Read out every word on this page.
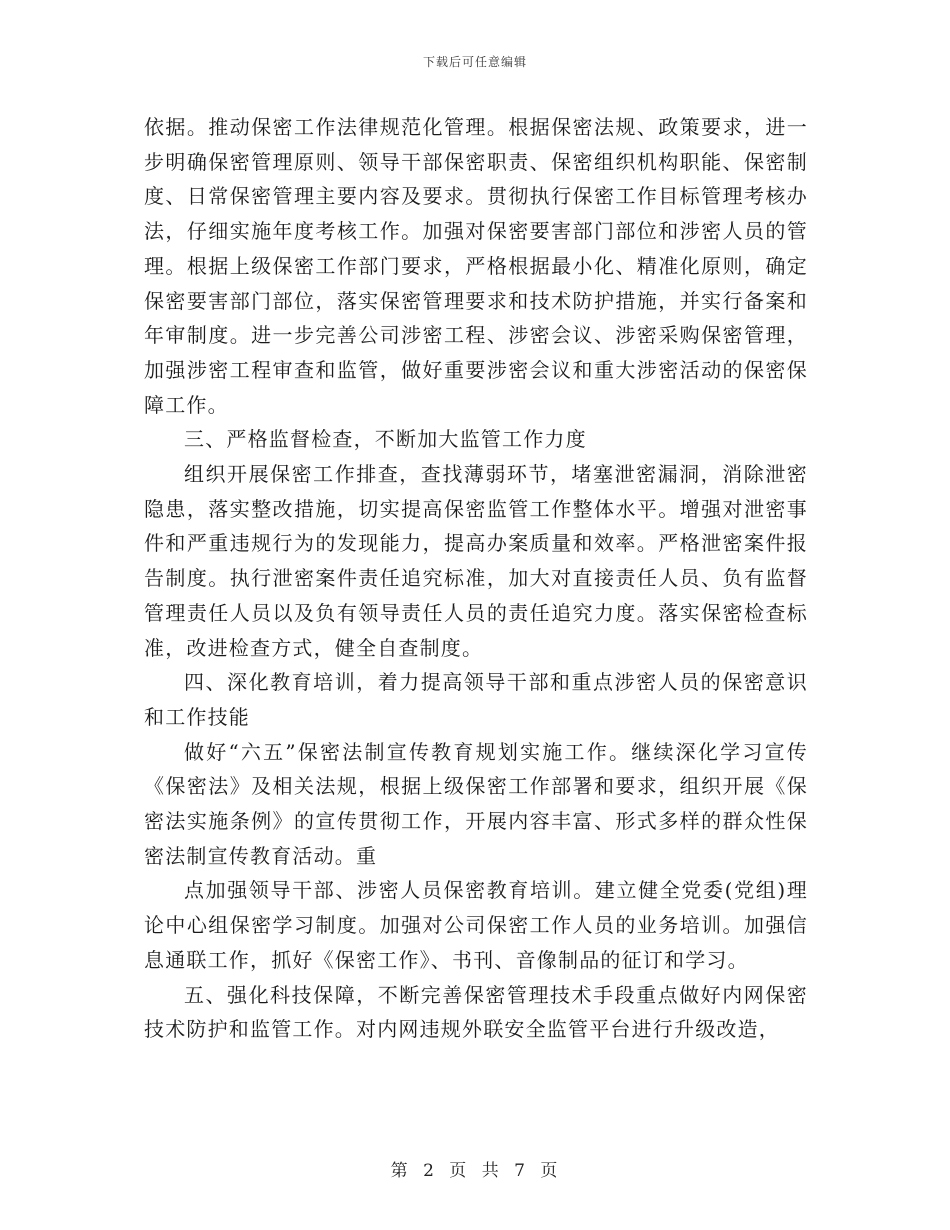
下载后可任意编辑

依据。推动保密工作法律规范化管理。根据保密法规、政策要求，进一步明确保密管理原则、领导干部保密职责、保密组织机构职能、保密制度、日常保密管理主要内容及要求。贯彻执行保密工作目标管理考核办法，仔细实施年度考核工作。加强对保密要害部门部位和涉密人员的管理。根据上级保密工作部门要求，严格根据最小化、精准化原则，确定保密要害部门部位，落实保密管理要求和技术防护措施，并实行备案和年审制度。进一步完善公司涉密工程、涉密会议、涉密采购保密管理，加强涉密工程审查和监管，做好重要涉密会议和重大涉密活动的保密保障工作。

三、严格监督检查，不断加大监管工作力度

组织开展保密工作排查，查找薄弱环节，堵塞泄密漏洞，消除泄密隐患，落实整改措施，切实提高保密监管工作整体水平。增强对泄密事件和严重违规行为的发现能力，提高办案质量和效率。严格泄密案件报告制度。执行泄密案件责任追究标准，加大对直接责任人员、负有监督管理责任人员以及负有领导责任人员的责任追究力度。落实保密检查标准，改进检查方式，健全自查制度。

四、深化教育培训，着力提高领导干部和重点涉密人员的保密意识和工作技能

做好“六五”保密法制宣传教育规划实施工作。继续深化学习宣传《保密法》及相关法规，根据上级保密工作部署和要求，组织开展《保密法实施条例》的宣传贯彻工作，开展内容丰富、形式多样的群众性保密法制宣传教育活动。重

点加强领导干部、涉密人员保密教育培训。建立健全党委(党组)理论中心组保密学习制度。加强对公司保密工作人员的业务培训。加强信息通联工作，抓好《保密工作》、书刊、音像制品的征订和学习。

五、强化科技保障，不断完善保密管理技术手段重点做好内网保密技术防护和监管工作。对内网违规外联安全监管平台进行升级改造，

第 2 页 共 7 页
